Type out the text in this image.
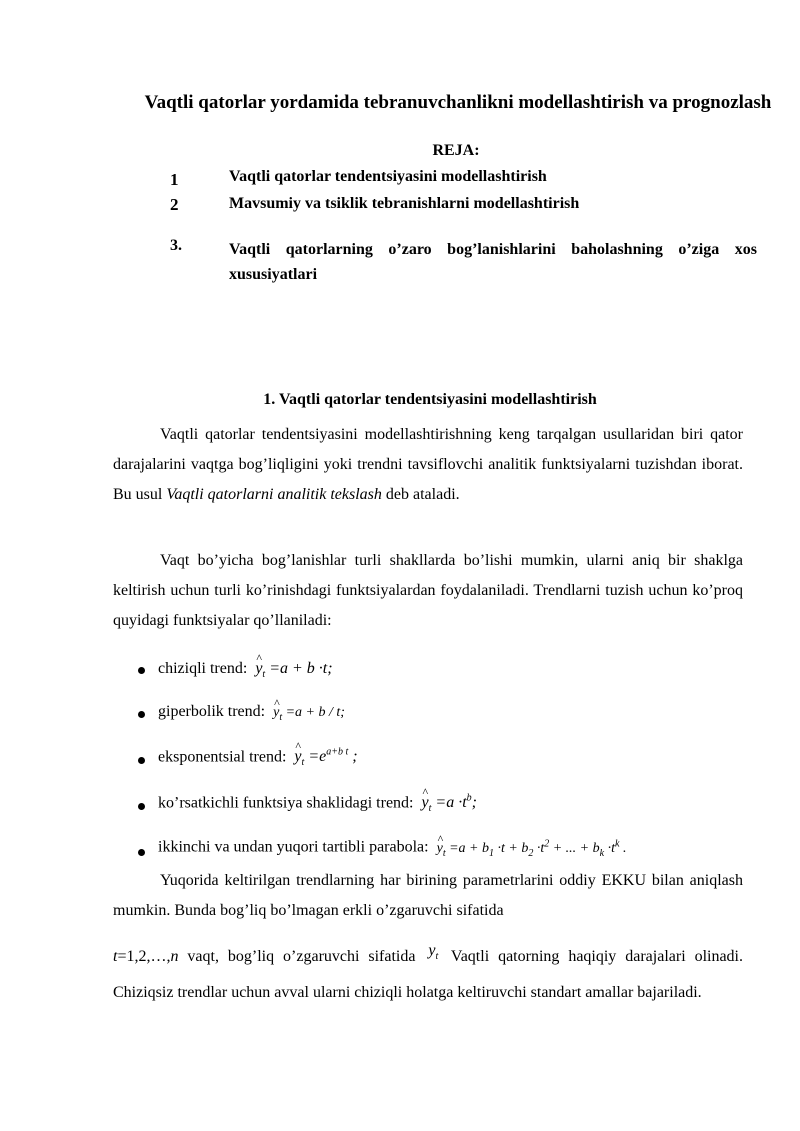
Vaqtli qatorlar yordamida tebranuvchanlikni modellashtirish va prognozlash
REJA:
1	Vaqtli qatorlar tendentsiyasini modellashtirish
2	Mavsumiy va tsiklik tebranishlarni modellashtirish
3.	Vaqtli qatorlarning o’zaro bog’lanishlarini baholashning o’ziga xos xususiyatlari
1. Vaqtli qatorlar tendentsiyasini modellashtirish
Vaqtli qatorlar tendentsiyasini modellashtirishning keng tarqalgan usullaridan biri qator darajalarini vaqtga bog’liqligini yoki trendni tavsiflovchi analitik funktsiyalarni tuzishdan iborat. Bu usul Vaqtli qatorlarni analitik tekslash deb ataladi.
Vaqt bo’yicha bog’lanishlar turli shakllarda bo’lishi mumkin, ularni aniq bir shaklga keltirish uchun turli ko’rinishdagi funktsiyalardan foydalaniladi. Trendlarni tuzish uchun ko’proq quyidagi funktsiyalar qo’llaniladi:
chiziqli trend: ^ $y_t =a + b \cdot t$;
giperbolik trend: ^ $y_t =a + b / t$;
eksponentsial trend: ^ $y_t =e^{a+b t}$ ;
ko’rsatkichli funktsiya shaklidagi trend: ^ $y_t =a \cdot t^b$;
ikkinchi va undan yuqori tartibli parabola: ^ $y_t =a + b_1 \cdot t + b_2 \cdot t^2$ + ... + $b_k \cdot t^k$ .
Yuqorida keltirilgan trendlarning har birining parametrlarini oddiy EKKU bilan aniqlash mumkin. Bunda bog’liq bo’lmagan erkli o’zgaruvchi sifatida
t=1,2,…,n vaqt, bog’liq o’zgaruvchi sifatida $y_t$ Vaqtli qatorning haqiqiy darajalari olinadi. Chiziqsiz trendlar uchun avval ularni chiziqli holatga keltiruvchi standart amallar bajariladi.
